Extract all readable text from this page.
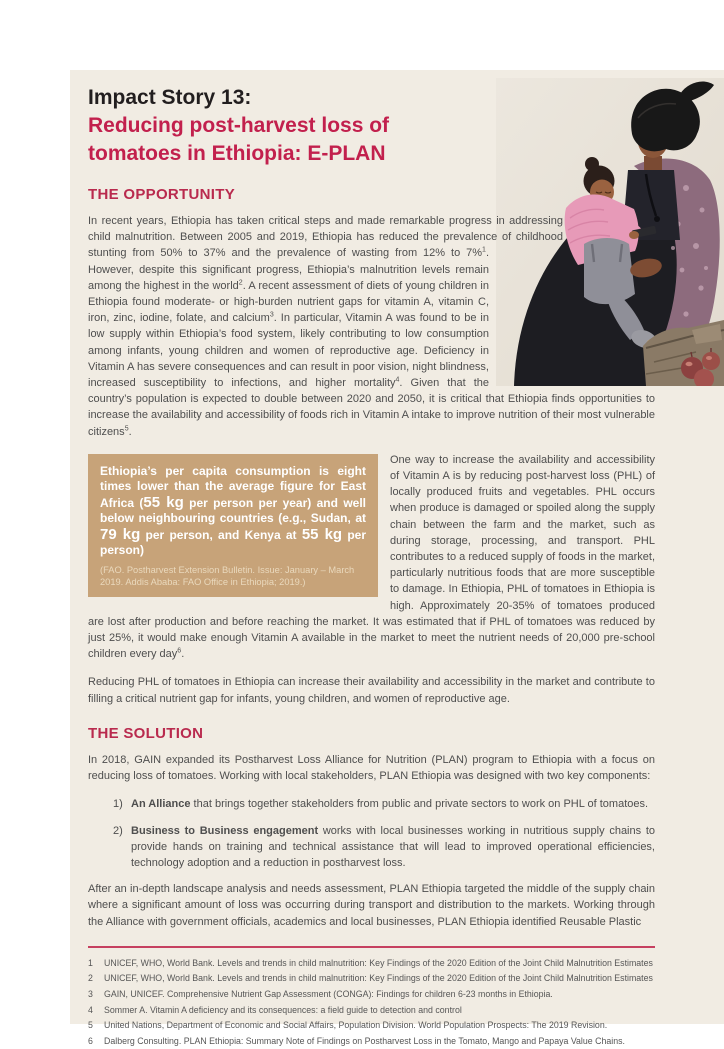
Impact Story 13:
Reducing post-harvest loss of
tomatoes in Ethiopia: E-PLAN
THE OPPORTUNITY

In recent years, Ethiopia has taken critical steps and made remarkable progress in addressing child malnutrition. Between 2005 and 2019, Ethiopia has reduced the prevalence of childhood stunting from 50% to 37% and the prevalence of wasting from 12% to 7%$^1$. However, despite this significant progress, Ethiopia’s malnutrition levels remain among the highest in the world$^2$. A recent assessment of diets of young children in Ethiopia found moderate- or high-burden nutrient gaps for vitamin A, vitamin C, iron, zinc, iodine, folate, and calcium$^3$. In particular, Vitamin A was found to be in low supply within Ethiopia’s food system, likely contributing to low consumption among infants, young children and women of reproductive age. Deficiency in Vitamin A has severe consequences and can result in poor vision, night blindness, increased susceptibility to infections, and higher mortality$^4$. Given that the country’s population is expected to double between 2020 and 2050, it is critical that Ethiopia finds opportunities to increase the availability and accessibility of foods rich in Vitamin A intake to improve nutrition of their most vulnerable citizens$^5$.

Ethiopia’s per capita consumption is eight times lower than the average figure for East Africa (55 kg per person per year) and well below neighbouring countries (e.g., Sudan, at 79 kg per person, and Kenya at 55 kg per person)

(FAO. Postharvest Extension Bulletin. Issue: January – March 2019. Addis Ababa: FAO Office in Ethiopia; 2019.)

One way to increase the availability and accessibility of Vitamin A is by reducing post-harvest loss (PHL) of locally produced fruits and vegetables. PHL occurs when produce is damaged or spoiled along the supply chain between the farm and the market, such as during storage, processing, and transport. PHL contributes to a reduced supply of foods in the market, particularly nutritious foods that are more susceptible to damage. In Ethiopia, PHL of tomatoes in Ethiopia is high. Approximately 20-35% of tomatoes produced are lost after production and before reaching the market. It was estimated that if PHL of tomatoes was reduced by just 25%, it would make enough Vitamin A available in the market to meet the nutrient needs of 20,000 pre-school children every day$^6$.

Reducing PHL of tomatoes in Ethiopia can increase their availability and accessibility in the market and contribute to filling a critical nutrient gap for infants, young children, and women of reproductive age.

THE SOLUTION

In 2018, GAIN expanded its Postharvest Loss Alliance for Nutrition (PLAN) program to Ethiopia with a focus on reducing loss of tomatoes. Working with local stakeholders, PLAN Ethiopia was designed with two key components:

1) An Alliance that brings together stakeholders from public and private sectors to work on PHL of tomatoes.
2) Business to Business engagement works with local businesses working in nutritious supply chains to provide hands on training and technical assistance that will lead to improved operational efficiencies, technology adoption and a reduction in postharvest loss.

After an in-depth landscape analysis and needs assessment, PLAN Ethiopia targeted the middle of the supply chain where a significant amount of loss was occurring during transport and distribution to the markets. Working through the Alliance with government officials, academics and local businesses, PLAN Ethiopia identified Reusable Plastic

1	UNICEF, WHO, World Bank. Levels and trends in child malnutrition: Key Findings of the 2020 Edition of the Joint Child Malnutrition Estimates
2	UNICEF, WHO, World Bank. Levels and trends in child malnutrition: Key Findings of the 2020 Edition of the Joint Child Malnutrition Estimates
3	GAIN, UNICEF. Comprehensive Nutrient Gap Assessment (CONGA): Findings for children 6-23 months in Ethiopia.
4	Sommer A. Vitamin A deficiency and its consequences: a field guide to detection and control
5	United Nations, Department of Economic and Social Affairs, Population Division. World Population Prospects: The 2019 Revision.
6	Dalberg Consulting. PLAN Ethiopia: Summary Note of Findings on Postharvest Loss in the Tomato, Mango and Papaya Value Chains.
